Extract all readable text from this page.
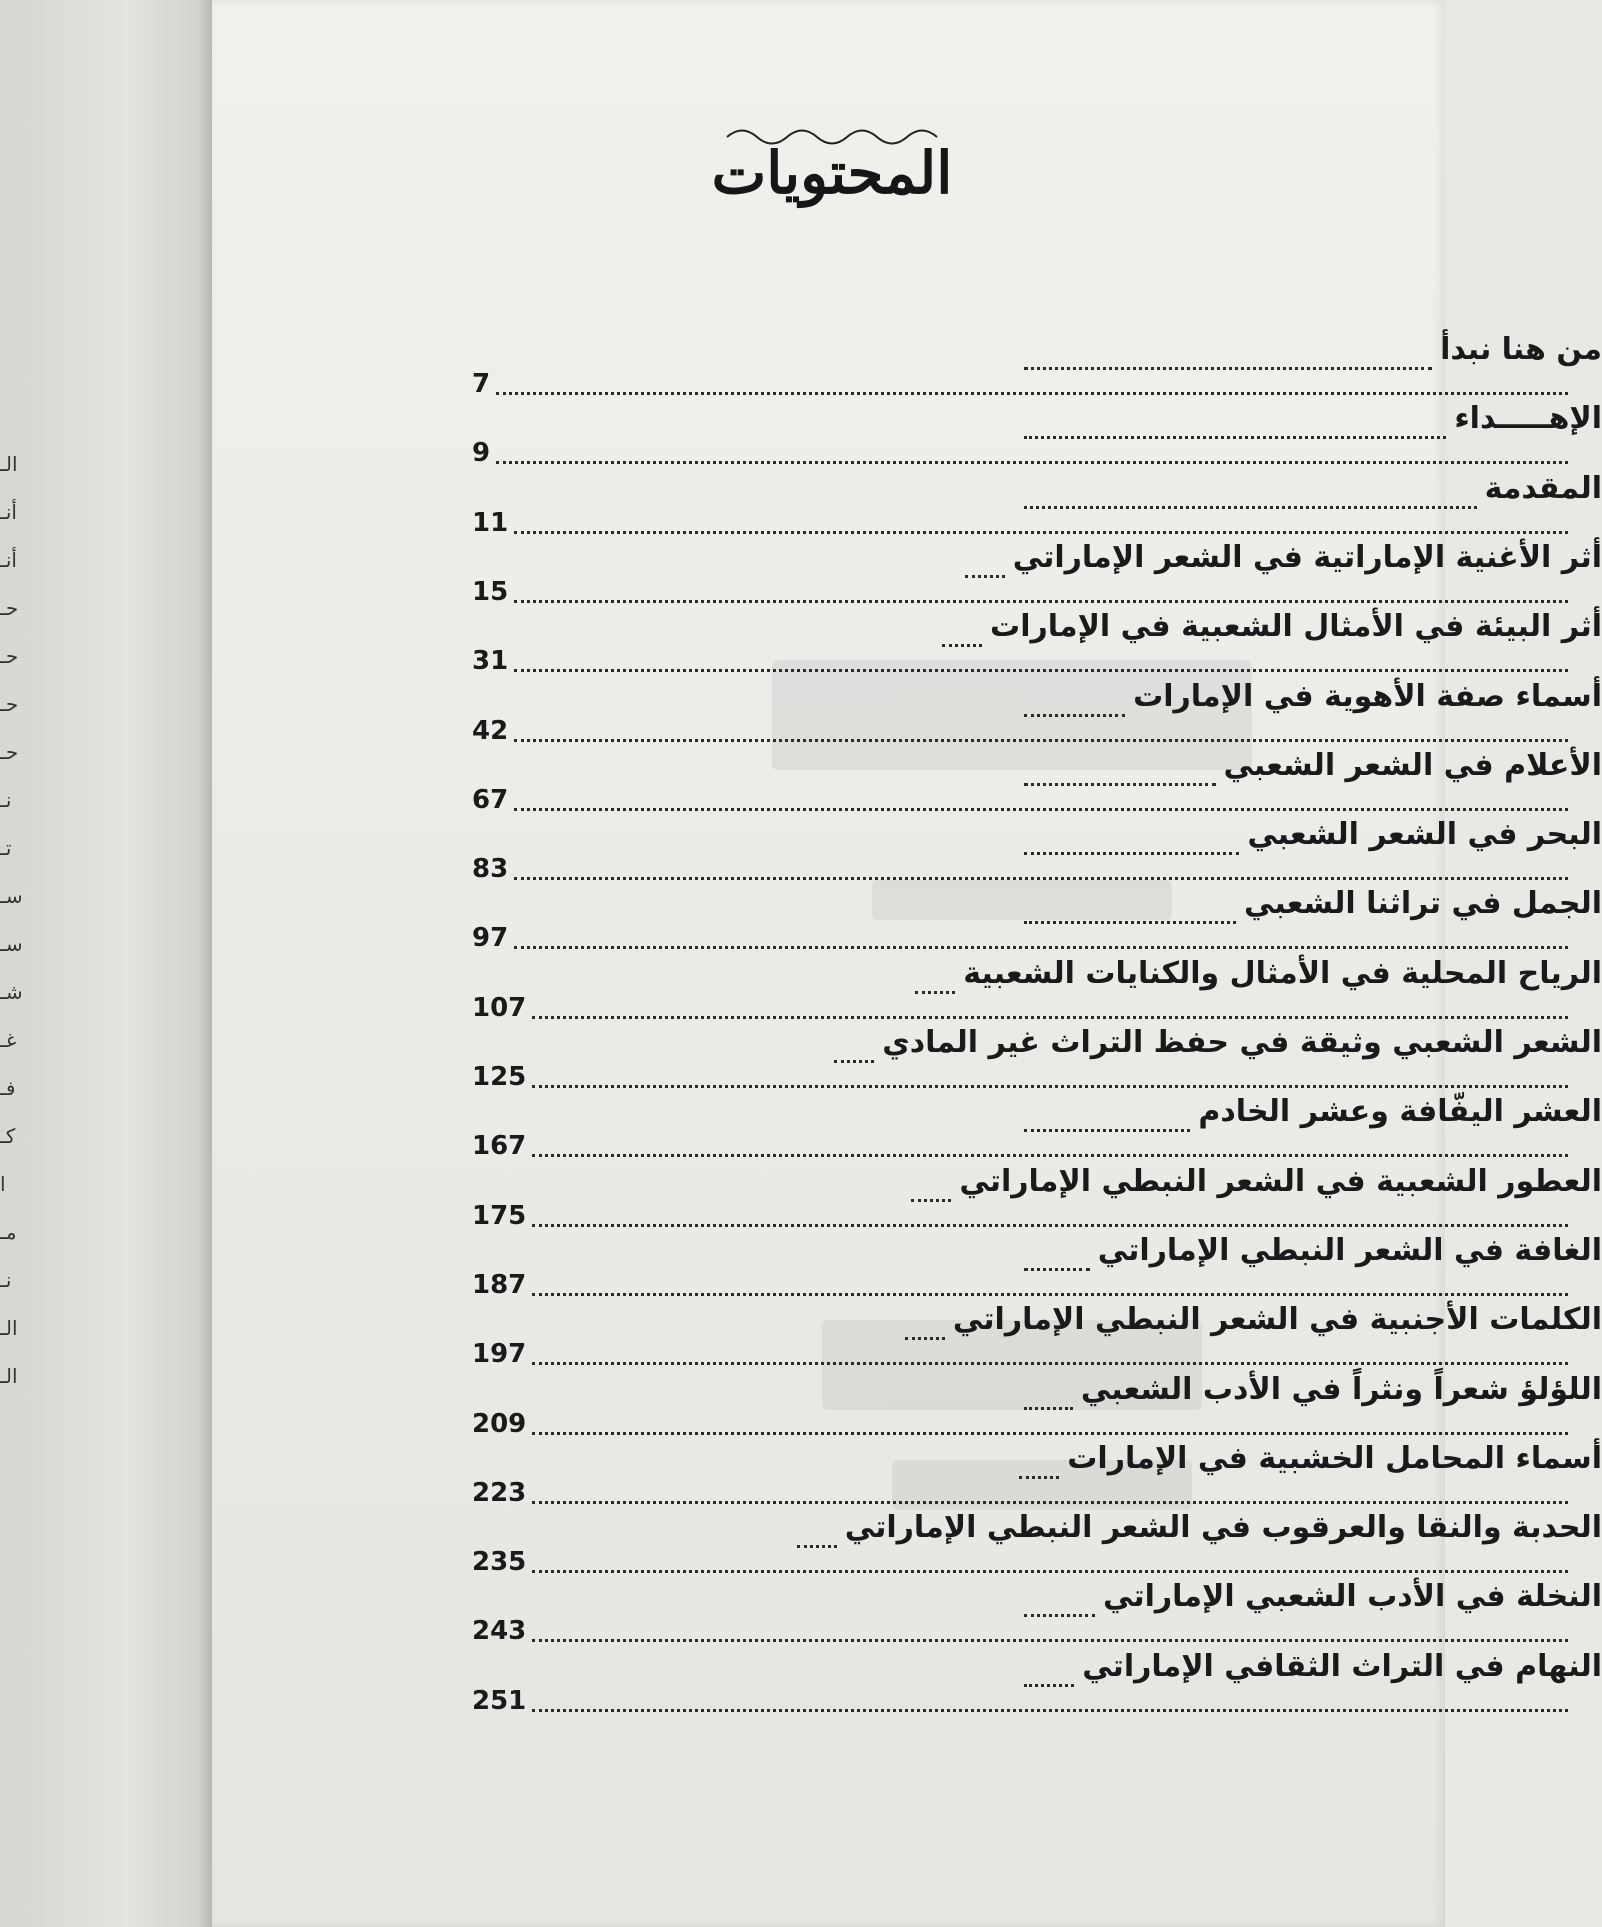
الـ
أنـ
أنـ
حـ
حـ
حـ
حـ
نـ
تـ
سـ
سـ
شـ
غـ
فـ
كـ
ا
مـ
نـ
الـ
الـ
المحتويات
من هنا نبدأ
7
الإهـــــداء
9
المقدمة
11
أثر الأغنية الإماراتية في الشعر الإماراتي
15
أثر البيئة في الأمثال الشعبية في الإمارات
31
أسماء صفة الأهوية في الإمارات
42
الأعلام في الشعر الشعبي
67
البحر في الشعر الشعبي
83
الجمل في تراثنا الشعبي
97
الرياح المحلية في الأمثال والكنايات الشعبية
107
الشعر الشعبي وثيقة في حفظ التراث غير المادي
125
العشر اليفّافة وعشر الخادم
167
العطور الشعبية في الشعر النبطي الإماراتي
175
الغافة في الشعر النبطي الإماراتي
187
الكلمات الأجنبية في الشعر النبطي الإماراتي
197
اللؤلؤ شعراً ونثراً في الأدب الشعبي
209
أسماء المحامل الخشبية في الإمارات
223
الحدبة والنقا والعرقوب في الشعر النبطي الإماراتي
235
النخلة في الأدب الشعبي الإماراتي
243
النهام في التراث الثقافي الإماراتي
251
